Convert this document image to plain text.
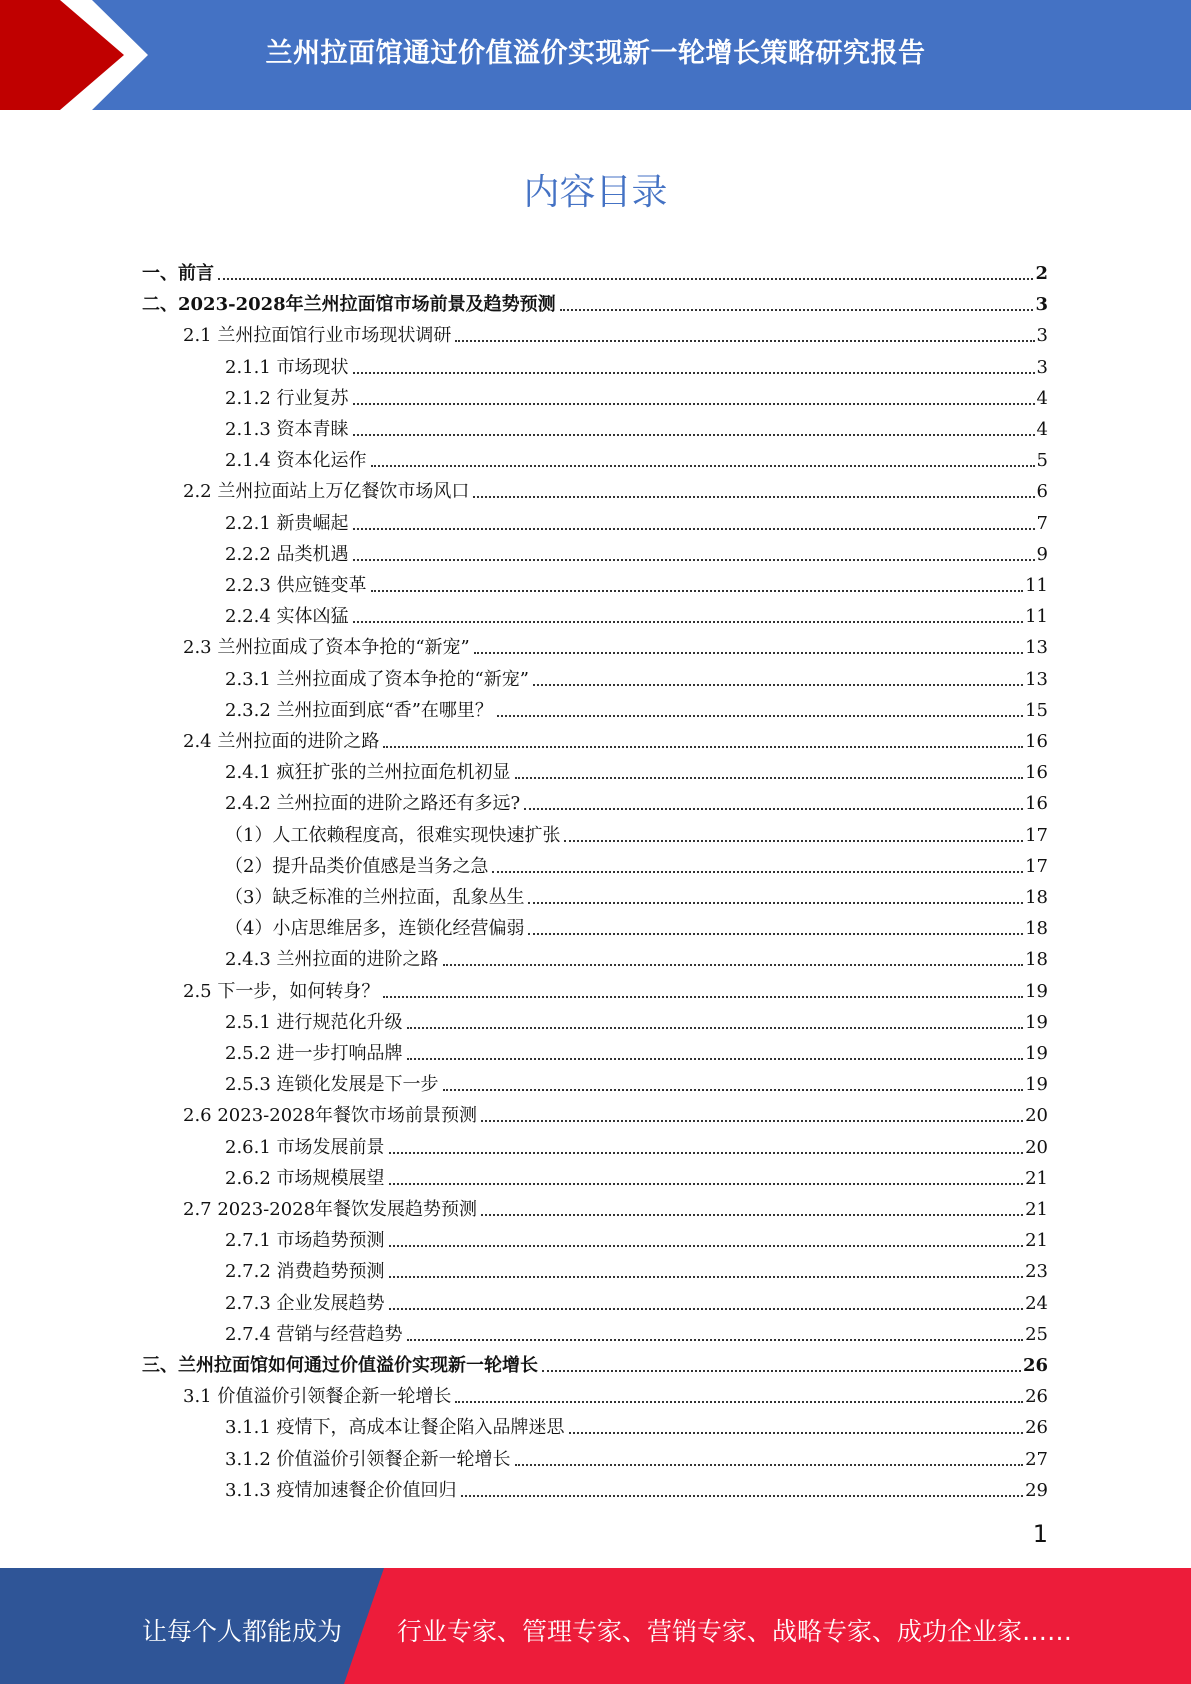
兰州拉面馆通过价值溢价实现新一轮增长策略研究报告
内容目录
一、前言	2
二、2023-2028年兰州拉面馆市场前景及趋势预测	3
2.1 兰州拉面馆行业市场现状调研	3
2.1.1 市场现状	3
2.1.2 行业复苏	4
2.1.3 资本青睐	4
2.1.4 资本化运作	5
2.2 兰州拉面站上万亿餐饮市场风口	6
2.2.1 新贵崛起	7
2.2.2 品类机遇	9
2.2.3 供应链变革	11
2.2.4 实体凶猛	11
2.3 兰州拉面成了资本争抢的“新宠”	13
2.3.1 兰州拉面成了资本争抢的“新宠”	13
2.3.2 兰州拉面到底“香”在哪里？	15
2.4 兰州拉面的进阶之路	16
2.4.1 疯狂扩张的兰州拉面危机初显	16
2.4.2 兰州拉面的进阶之路还有多远?	16
（1）人工依赖程度高，很难实现快速扩张	17
（2）提升品类价值感是当务之急	17
（3）缺乏标准的兰州拉面，乱象丛生	18
（4）小店思维居多，连锁化经营偏弱	18
2.4.3 兰州拉面的进阶之路	18
2.5 下一步，如何转身？	19
2.5.1 进行规范化升级	19
2.5.2 进一步打响品牌	19
2.5.3 连锁化发展是下一步	19
2.6 2023-2028年餐饮市场前景预测	20
2.6.1 市场发展前景	20
2.6.2 市场规模展望	21
2.7 2023-2028年餐饮发展趋势预测	21
2.7.1 市场趋势预测	21
2.7.2 消费趋势预测	23
2.7.3 企业发展趋势	24
2.7.4 营销与经营趋势	25
三、兰州拉面馆如何通过价值溢价实现新一轮增长	26
3.1 价值溢价引领餐企新一轮增长	26
3.1.1 疫情下，高成本让餐企陷入品牌迷思	26
3.1.2 价值溢价引领餐企新一轮增长	27
3.1.3 疫情加速餐企价值回归	29
1
让每个人都能成为 行业专家、管理专家、营销专家、战略专家、成功企业家……
